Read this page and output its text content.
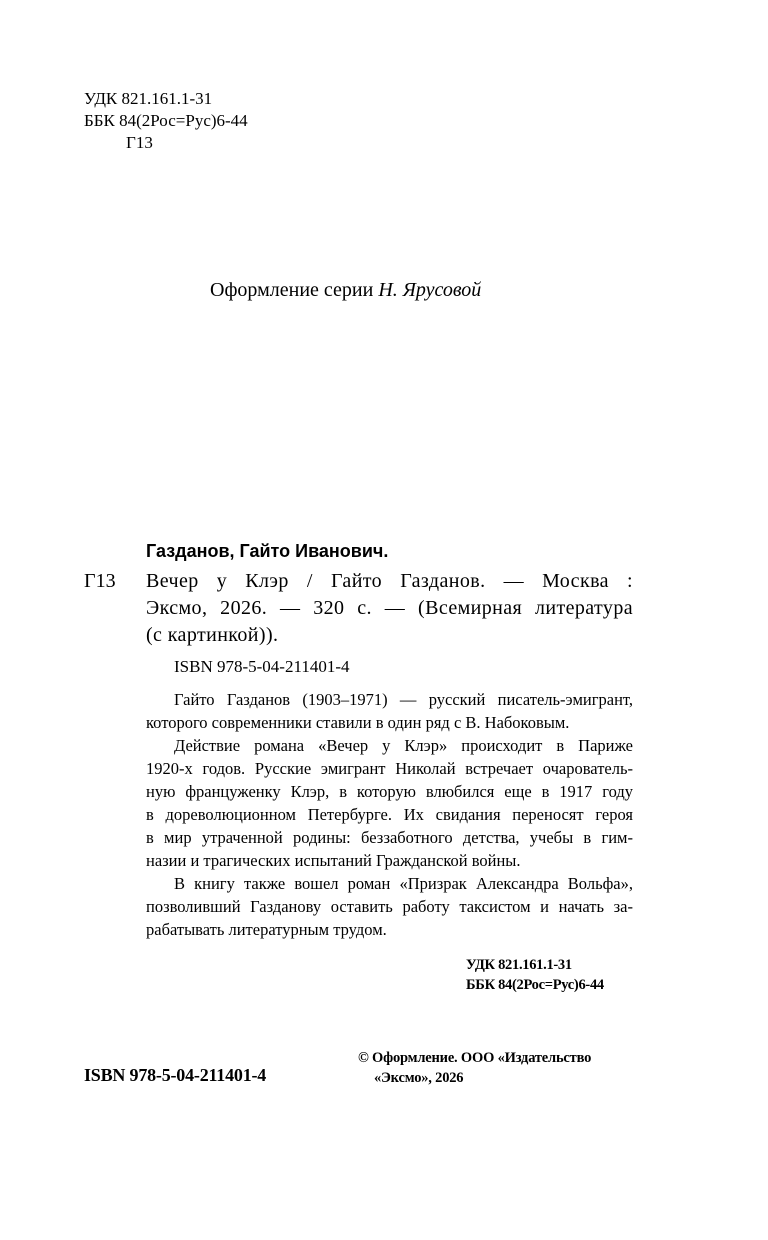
УДК 821.161.1-31
ББК 84(2Рос=Рус)6-44
Г13
Оформление серии Н. Ярусовой
Газданов, Гайто Иванович.
Г13 Вечер у Клэр / Гайто Газданов. — Москва :
Эксмо, 2026. — 320 с. — (Всемирная литература
(с картинкой)).
ISBN 978-5-04-211401-4

Гайто Газданов (1903–1971) — русский писатель-эмигрант,
которого современники ставили в один ряд с В. Набоковым.

Действие романа «Вечер у Клэр» происходит в Париже
1920-х годов. Русские эмигрант Николай встречает очарователь-
ную француженку Клэр, в которую влюбился еще в 1917 году
в дореволюционном Петербурге. Их свидания переносят героя
в мир утраченной родины: беззаботного детства, учебы в гим-
назии и трагических испытаний Гражданской войны.

В книгу также вошел роман «Призрак Александра Вольфа»,
позволивший Газданову оставить работу таксистом и начать за-
рабатывать литературным трудом.

УДК 821.161.1-31
ББК 84(2Рос=Рус)6-44
ISBN 978-5-04-211401-4
© Оформление. ООО «Издательство
«Эксмо», 2026
